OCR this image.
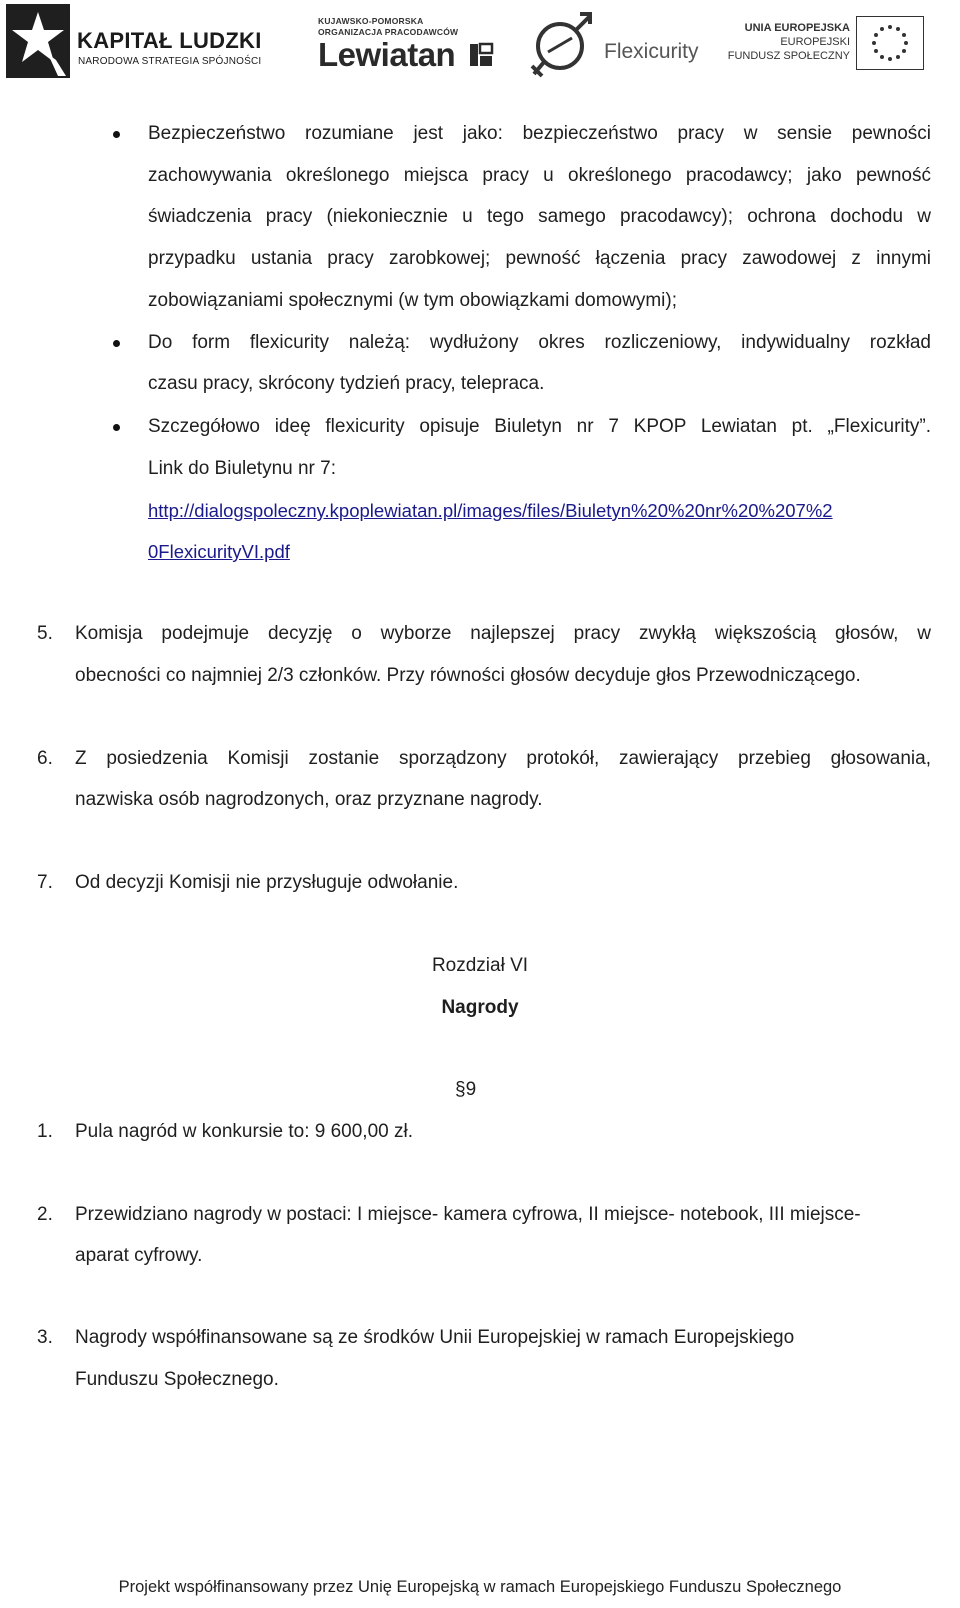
KAPITAŁ LUDZKI
NARODOWA STRATEGIA SPÓJNOŚCI
KUJAWSKO-POMORSKA
ORGANIZACJA PRACODAWCÓW
Lewiatan	Flexicurity
UNIA EUROPEJSKA
EUROPEJSKI
FUNDUSZ SPOŁECZNY
Bezpieczeństwo rozumiane jest jako: bezpieczeństwo pracy w sensie pewności
zachowywania określonego miejsca pracy u określonego pracodawcy; jako pewność
świadczenia pracy (niekoniecznie u tego samego pracodawcy); ochrona dochodu w
przypadku ustania pracy zarobkowej; pewność łączenia pracy zawodowej z innymi
zobowiązaniami społecznymi (w tym obowiązkami domowymi);
Do form flexicurity należą: wydłużony okres rozliczeniowy, indywidualny rozkład
czasu pracy, skrócony tydzień pracy, telepraca.
Szczegółowo ideę flexicurity opisuje Biuletyn nr 7 KPOP Lewiatan pt. „Flexicurity”.
Link do Biuletynu nr 7:
http://dialogspoleczny.kpoplewiatan.pl/images/files/Biuletyn%20%20nr%20%207%2
0FlexicurityVI.pdf
5. Komisja podejmuje decyzję o wyborze najlepszej pracy zwykłą większością głosów, w
obecności co najmniej 2/3 członków. Przy równości głosów decyduje głos Przewodniczącego.
6. Z posiedzenia Komisji zostanie sporządzony protokół, zawierający przebieg głosowania,
nazwiska osób nagrodzonych, oraz przyznane nagrody.
7. Od decyzji Komisji nie przysługuje odwołanie.
Rozdział VI
Nagrody
§9
1. Pula nagród w konkursie to: 9 600,00 zł.
2. Przewidziano nagrody w postaci: I miejsce- kamera cyfrowa, II miejsce- notebook, III miejsce-
aparat cyfrowy.
3. Nagrody współfinansowane są ze środków Unii Europejskiej w ramach Europejskiego
Funduszu Społecznego.
Projekt współfinansowany przez Unię Europejską w ramach Europejskiego Funduszu Społecznego
